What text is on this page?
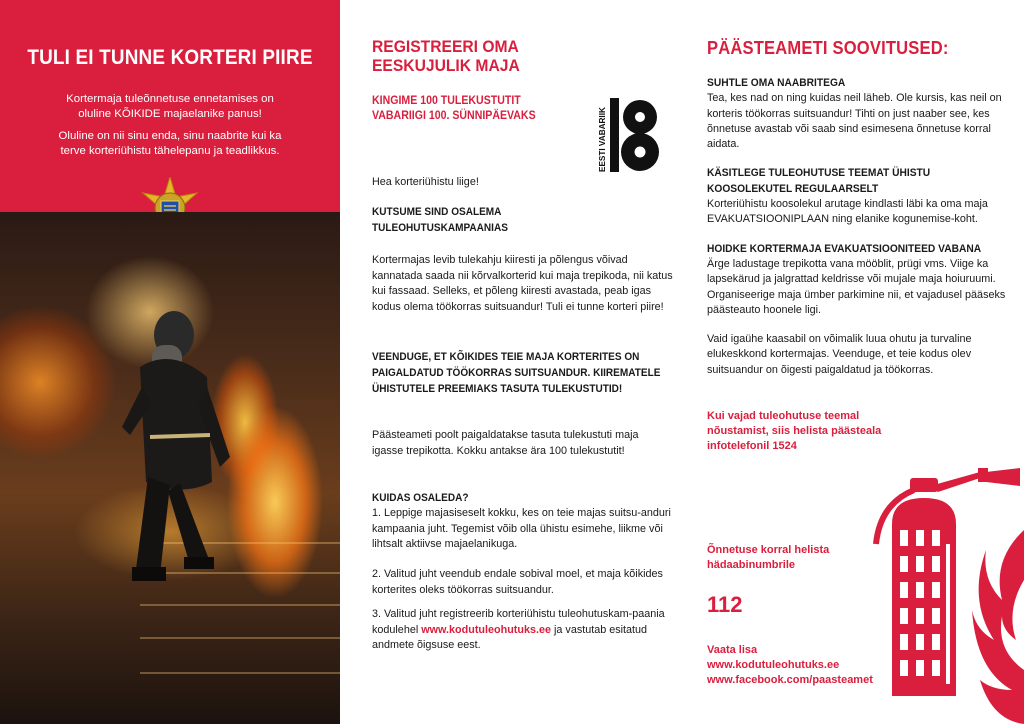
TULI EI TUNNE KORTERI PIIRE

Kortermaja tuleõnnetuse ennetamises on oluline KÕIKIDE majaelanike panus!

Oluline on nii sinu enda, sinu naabrite kui ka terve korteriühistu tähelepanu ja teadlikkus.

REGISTREERI OMA
EESKUJULIK MAJA
KINGIME 100 TULEKUSTUTIT
VABARIIGI 100. SÜNNIPÄEVAKS	EESTI VABARIIK
Hea korteriühistu liige!
KUTSUME SIND OSALEMA
TULEOHUTUSKAMPAANIAS
Kortermajas levib tulekahju kiiresti ja põlengus võivad kannatada saada nii kõrvalkorterid kui maja trepikoda, nii katus kui fassaad. Selleks, et põleng kiiresti avastada, peab igas kodus olema töökorras suitsuandur! Tuli ei tunne korteri piire!
VEENDUGE, ET KÕIKIDES TEIE MAJA KORTERITES ON PAIGALDATUD TÖÖKORRAS SUITSUANDUR. KIIREMATELE ÜHISTUTELE PREEMIAKS TASUTA TULEKUSTUTID!
Päästeameti poolt paigaldatakse tasuta tulekustuti maja igasse trepikotta. Kokku antakse ära 100 tulekustutit!
KUIDAS OSALEDA?
1. Leppige majasiseselt kokku, kes on teie majas suitsu-anduri kampaania juht. Tegemist võib olla ühistu esimehe, liikme või lihtsalt aktiivse majaelanikuga.
2. Valitud juht veendub endale sobival moel, et maja kõikides korterites oleks töökorras suitsuandur.
3. Valitud juht registreerib korteriühistu tuleohutuskam-paania kodulehel www.kodutuleohutuks.ee ja vastutab esitatud andmete õigsuse eest.
PÄÄSTEAMETI SOOVITUSED:
SUHTLE OMA NAABRITEGA

Tea, kes nad on ning kuidas neil läheb. Ole kursis, kas neil on korteris töökorras suitsuandur! Tihti on just naaber see, kes õnnetuse avastab või saab sind esimesena õnnetuse korral aidata.

KÄSITLEGE TULEOHUTUSE TEEMAT ÜHISTU KOOSOLEKUTEL REGULAARSELT

Korteriühistu koosolekul arutage kindlasti läbi ka oma maja EVAKUATSIOONIPLAAN ning elanike kogunemise-koht.

HOIDKE KORTERMAJA EVAKUATSIOONITEED VABANA

Ärge ladustage trepikotta vana mööblit, prügi vms. Viige ka lapsekärud ja jalgrattad keldrisse või mujale maja hoiuruumi.
Organiseerige maja ümber parkimine nii, et vajadusel pääseks päästeauto hoonele ligi.

Vaid igaühe kaasabil on võimalik luua ohutu ja turvaline elukeskkond kortermajas. Veenduge, et teie kodus olev suitsuandur on õigesti paigaldatud ja töökorras.

Kui vajad tuleohutuse teemal nõustamist, siis helista päästeala infotelefonil 1524
Õnnetuse korral helista hädaabinumbrile
112
Vaata lisa
www.kodutuleohutuks.ee
www.facebook.com/paasteamet
